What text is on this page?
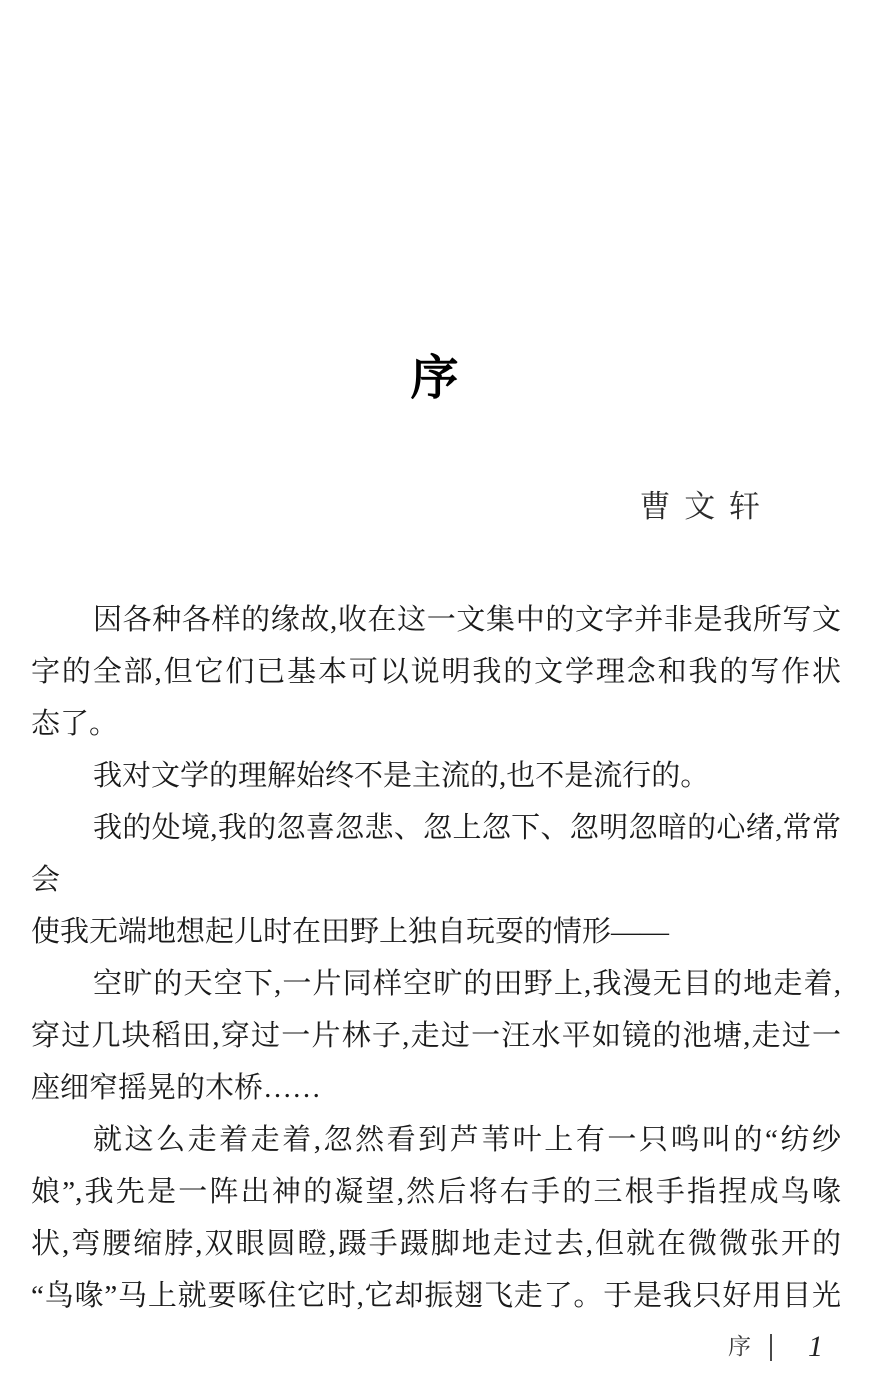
序
曹 文 轩
因各种各样的缘故,收在这一文集中的文字并非是我所写文
字的全部,但它们已基本可以说明我的文学理念和我的写作状
态了。
我对文学的理解始终不是主流的,也不是流行的。
我的处境,我的忽喜忽悲、忽上忽下、忽明忽暗的心绪,常常会
使我无端地想起儿时在田野上独自玩耍的情形——
空旷的天空下,一片同样空旷的田野上,我漫无目的地走着,
穿过几块稻田,穿过一片林子,走过一汪水平如镜的池塘,走过一
座细窄摇晃的木桥……
就这么走着走着,忽然看到芦苇叶上有一只鸣叫的“纺纱
娘”,我先是一阵出神的凝望,然后将右手的三根手指捏成鸟喙
状,弯腰缩脖,双眼圆瞪,蹑手蹑脚地走过去,但就在微微张开的
“鸟喙”马上就要啄住它时,它却振翅飞走了。于是我只好用目光
序 1
